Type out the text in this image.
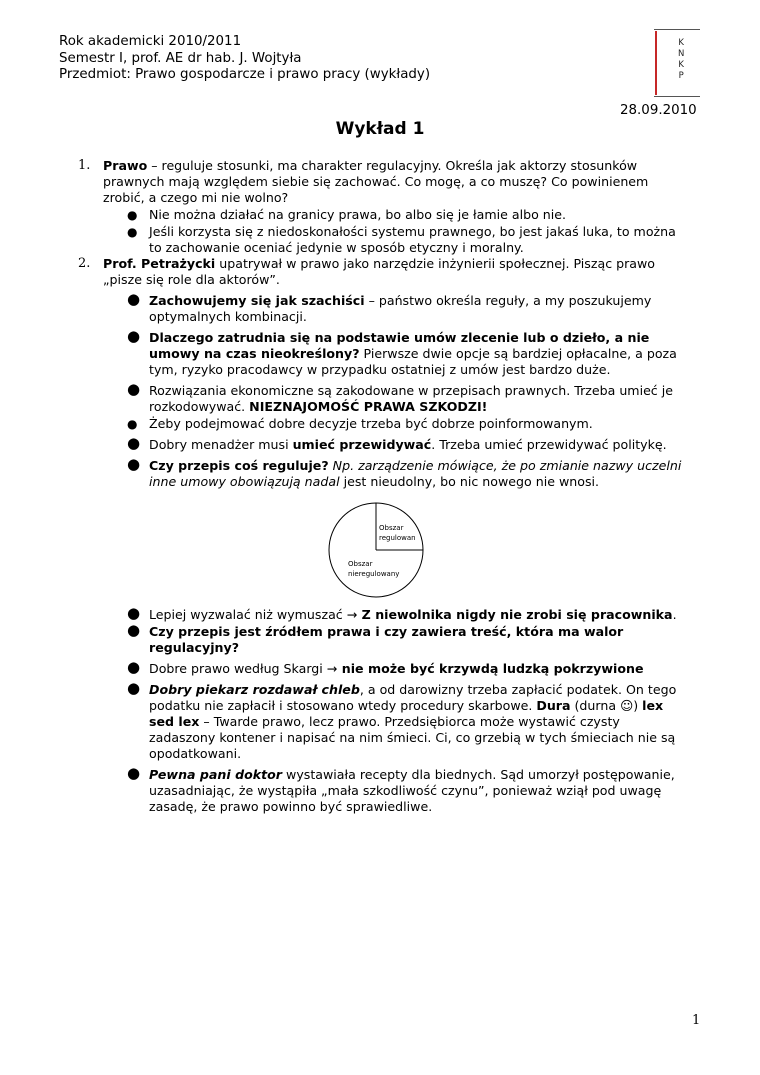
Rok akademicki 2010/2011
Semestr I, prof. AE dr hab. J. Wojtyła
Przedmiot: Prawo gospodarcze i prawo pracy (wykłady)
K
N
K
P
28.09.2010
Wykład 1
1. Prawo – reguluje stosunki, ma charakter regulacyjny. Określa jak aktorzy stosunków prawnych mają względem siebie się zachować. Co mogę, a co muszę? Co powinienem zrobić, a czego mi nie wolno?
● Nie można działać na granicy prawa, bo albo się je łamie albo nie.
● Jeśli korzysta się z niedoskonałości systemu prawnego, bo jest jakaś luka, to można to zachowanie oceniać jedynie w sposób etyczny i moralny.
2. Prof. Petrażycki upatrywał w prawo jako narzędzie inżynierii społecznej. Pisząc prawo „pisze się role dla aktorów”.
● Zachowujemy się jak szachiści – państwo określa reguły, a my poszukujemy optymalnych kombinacji.
● Dlaczego zatrudnia się na podstawie umów zlecenie lub o dzieło, a nie umowy na czas nieokreślony? Pierwsze dwie opcje są bardziej opłacalne, a poza tym, ryzyko pracodawcy w przypadku ostatniej z umów jest bardzo duże.
● Rozwiązania ekonomiczne są zakodowane w przepisach prawnych. Trzeba umieć je rozkodowywać. NIEZNAJOMOŚĆ PRAWA SZKODZI!
● Żeby podejmować dobre decyzje trzeba być dobrze poinformowanym.
● Dobry menadżer musi umieć przewidywać. Trzeba umieć przewidywać politykę.
● Czy przepis coś reguluje? Np. zarządzenie mówiące, że po zmianie nazwy uczelni inne umowy obowiązują nadal jest nieudolny, bo nic nowego nie wnosi.
Obszar
regulowan
Obszar
nieregulowany
● Lepiej wyzwalać niż wymuszać → Z niewolnika nigdy nie zrobi się pracownika.
● Czy przepis jest źródłem prawa i czy zawiera treść, która ma walor regulacyjny?
● Dobre prawo według Skargi → nie może być krzywdą ludzką pokrzywione
● Dobry piekarz rozdawał chleb, a od darowizny trzeba zapłacić podatek. On tego podatku nie zapłacił i stosowano wtedy procedury skarbowe. Dura (durna ☺) lex sed lex – Twarde prawo, lecz prawo. Przedsiębiorca może wystawić czysty zadaszony kontener i napisać na nim śmieci. Ci, co grzebią w tych śmieciach nie są opodatkowani.
● Pewna pani doktor wystawiała recepty dla biednych. Sąd umorzył postępowanie, uzasadniając, że wystąpiła „mała szkodliwość czynu”, ponieważ wziął pod uwagę zasadę, że prawo powinno być sprawiedliwe.
1
